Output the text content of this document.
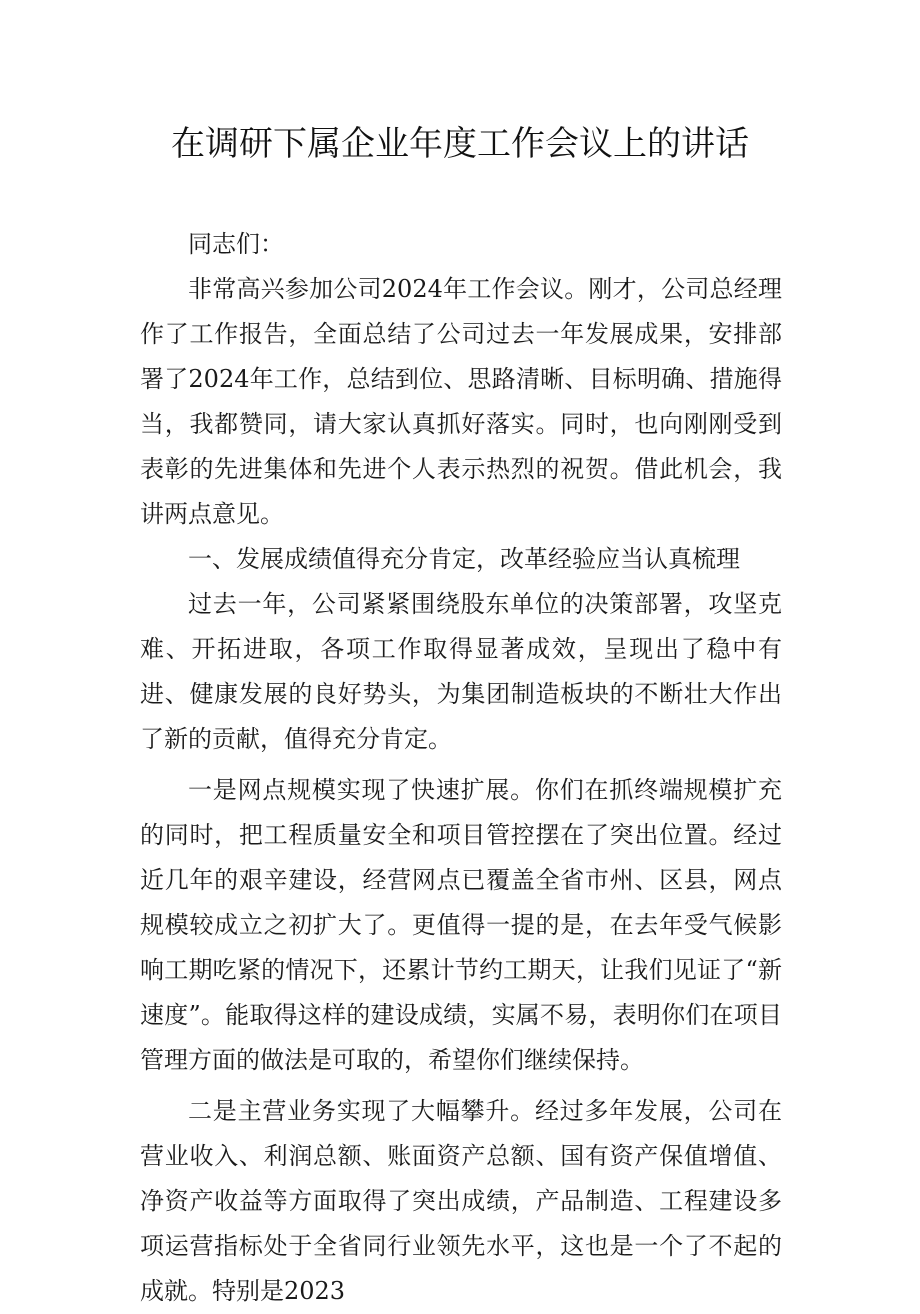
在调研下属企业年度工作会议上的讲话

同志们：

非常高兴参加公司2024年工作会议。刚才，公司总经理作了工作报告，全面总结了公司过去一年发展成果，安排部署了2024年工作，总结到位、思路清晰、目标明确、措施得当，我都赞同，请大家认真抓好落实。同时，也向刚刚受到表彰的先进集体和先进个人表示热烈的祝贺。借此机会，我讲两点意见。

一、发展成绩值得充分肯定，改革经验应当认真梳理

过去一年，公司紧紧围绕股东单位的决策部署，攻坚克难、开拓进取，各项工作取得显著成效，呈现出了稳中有进、健康发展的良好势头，为集团制造板块的不断壮大作出了新的贡献，值得充分肯定。

一是网点规模实现了快速扩展。你们在抓终端规模扩充的同时，把工程质量安全和项目管控摆在了突出位置。经过近几年的艰辛建设，经营网点已覆盖全省市州、区县，网点规模较成立之初扩大了。更值得一提的是，在去年受气候影响工期吃紧的情况下，还累计节约工期天，让我们见证了“新速度”。能取得这样的建设成绩，实属不易，表明你们在项目管理方面的做法是可取的，希望你们继续保持。

二是主营业务实现了大幅攀升。经过多年发展，公司在营业收入、利润总额、账面资产总额、国有资产保值增值、净资产收益等方面取得了突出成绩，产品制造、工程建设多项运营指标处于全省同行业领先水平，这也是一个了不起的成就。特别是2023
